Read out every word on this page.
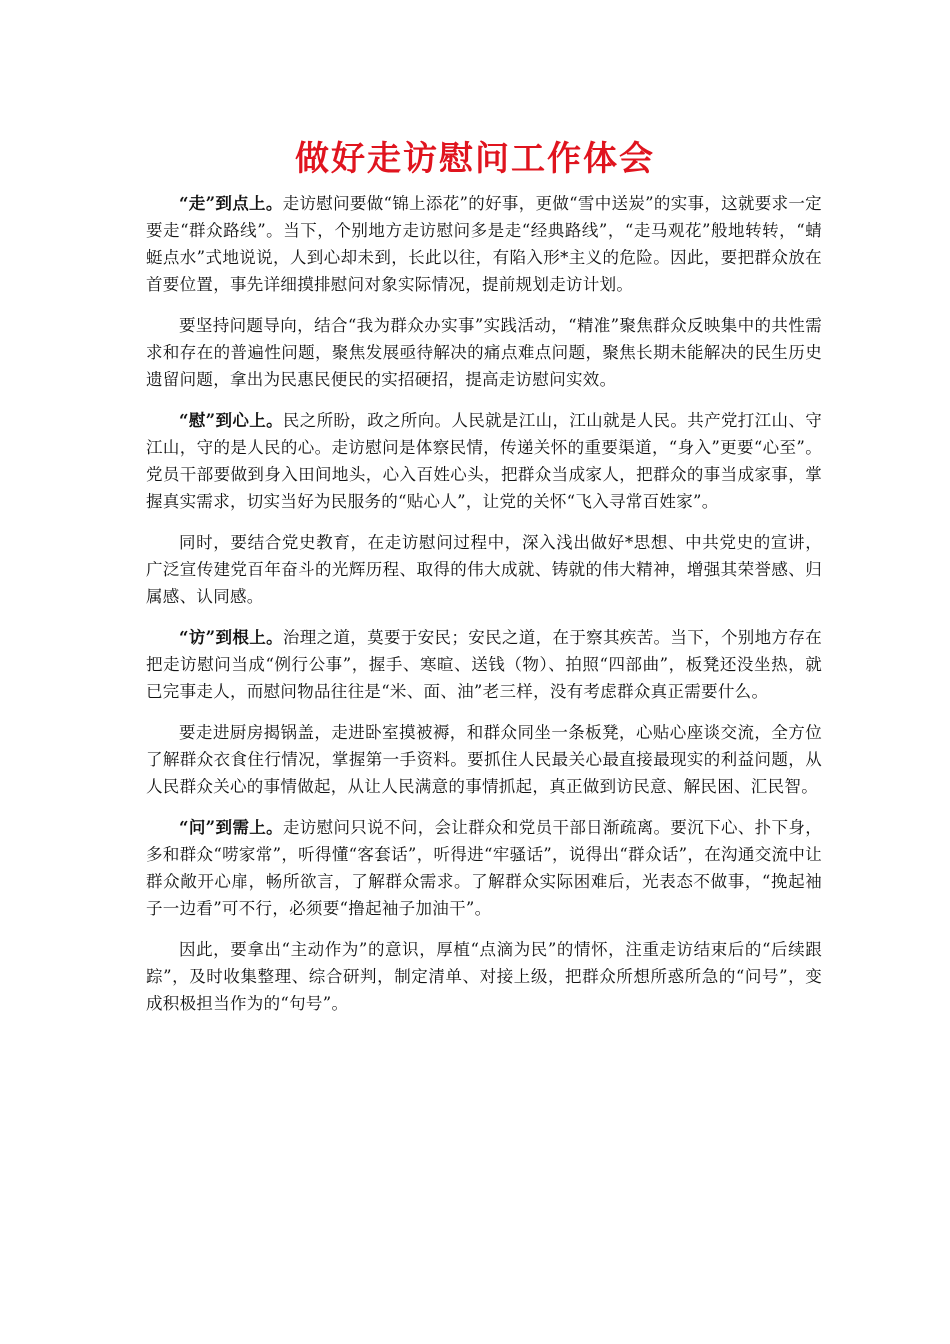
做好走访慰问工作体会

“走”到点上。走访慰问要做“锦上添花”的好事，更做“雪中送炭”的实事，这就要求一定要走“群众路线”。当下，个别地方走访慰问多是走“经典路线”，“走马观花”般地转转，“蜻蜓点水”式地说说，人到心却未到，长此以往，有陷入形*主义的危险。因此，要把群众放在首要位置，事先详细摸排慰问对象实际情况，提前规划走访计划。

要坚持问题导向，结合“我为群众办实事”实践活动，“精准”聚焦群众反映集中的共性需求和存在的普遍性问题，聚焦发展亟待解决的痛点难点问题，聚焦长期未能解决的民生历史遗留问题，拿出为民惠民便民的实招硬招，提高走访慰问实效。

“慰”到心上。民之所盼，政之所向。人民就是江山，江山就是人民。共产党打江山、守江山，守的是人民的心。走访慰问是体察民情，传递关怀的重要渠道，“身入”更要“心至”。党员干部要做到身入田间地头，心入百姓心头，把群众当成家人，把群众的事当成家事，掌握真实需求，切实当好为民服务的“贴心人”，让党的关怀“飞入寻常百姓家”。

同时，要结合党史教育，在走访慰问过程中，深入浅出做好*思想、中共党史的宣讲，广泛宣传建党百年奋斗的光辉历程、取得的伟大成就、铸就的伟大精神，增强其荣誉感、归属感、认同感。

“访”到根上。治理之道，莫要于安民；安民之道，在于察其疾苦。当下，个别地方存在把走访慰问当成“例行公事”，握手、寒暄、送钱（物）、拍照“四部曲”，板凳还没坐热，就已完事走人，而慰问物品往往是“米、面、油”老三样，没有考虑群众真正需要什么。

要走进厨房揭锅盖，走进卧室摸被褥，和群众同坐一条板凳，心贴心座谈交流，全方位了解群众衣食住行情况，掌握第一手资料。要抓住人民最关心最直接最现实的利益问题，从人民群众关心的事情做起，从让人民满意的事情抓起，真正做到访民意、解民困、汇民智。

“问”到需上。走访慰问只说不问，会让群众和党员干部日渐疏离。要沉下心、扑下身，多和群众“唠家常”，听得懂“客套话”，听得进“牢骚话”，说得出“群众话”，在沟通交流中让群众敞开心扉，畅所欲言，了解群众需求。了解群众实际困难后，光表态不做事，“挽起袖子一边看”可不行，必须要“撸起袖子加油干”。

因此，要拿出“主动作为”的意识，厚植“点滴为民”的情怀，注重走访结束后的“后续跟踪”，及时收集整理、综合研判，制定清单、对接上级，把群众所想所惑所急的“问号”，变成积极担当作为的“句号”。
